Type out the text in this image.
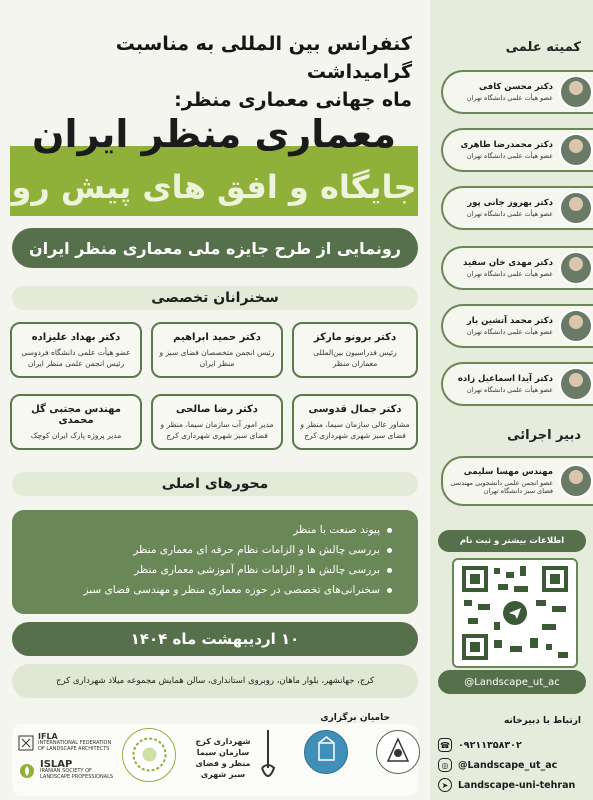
کنفرانس بین المللی به مناسبت گرامیداشت
ماه جهانی معماری منظر:
معماری منظر ایران
جایگاه و افق های پیش رو
رونمایی از طرح جایزه ملی معماری منظر ایران
سخنرانان تخصصی
دکتر برونو مارکز
رئیس فدراسیون بین‌المللی معماران منظر
دکتر حمید ابراهیم
رئیس انجمن متخصصان فضای سبز و منظر ایران
دکتر بهداد علیزاده
عضو هیأت علمی دانشگاه فردوسی رئیس انجمن علمی منظر ایران
دکتر جمال قدوسی
مشاور عالی سازمان سیما، منظر و فضای سبز شهری شهرداری کرج
دکتر رضا صالحی
مدیر امور آب سازمان سیما، منظر و فضای سبز شهری شهرداری کرج
مهندس مجتبی گل محمدی
مدیر پروژه پارک ایران کوچک
محورهای اصلی
پیوند صنعت با منظر
بررسی چالش ها و الزامات نظام حرفه ای معماری منظر
بررسی چالش ها و الزامات نظام آموزشی معماری منظر
سخنرانی‌های تخصصی در حوزه معماری منظر و مهندسی فضای سبز
۱۰ اردیبهشت ماه ۱۴۰۴
کرج، جهانشهر، بلوار ماهان، روبروی استانداری، سالن همایش مجموعه میلاد شهرداری کرج
حامیان برگزاری
شهرداری کرج
سازمان سیما
منظر و فضای
سبز شهری
IFLA
INTERNATIONAL FEDERATION
OF LANDSCAPE ARCHITECTS
ISLAP
IRANIAN SOCIETY OF
LANDSCAPE PROFESSIONALS
کمیته علمی
دکتر محسن کافی
عضو هیأت علمی دانشگاه تهران
دکتر محمدرضا طاهری
عضو هیأت علمی دانشگاه تهران
دکتر بهروز جانی پور
عضو هیأت علمی دانشگاه تهران
دکتر مهدی خان سفید
عضو هیأت علمی دانشگاه تهران
دکتر محمد آتشین بار
عضو هیأت علمی دانشگاه تهران
دکتر آیدا اسماعیل زاده
عضو هیأت علمی دانشگاه تهران
دبیر اجرائی
مهندس مهسا سلیمی
عضو انجمن علمی دانشجویی مهندسی فضای سبز دانشگاه تهران
اطلاعات بیشتر و ثبت نام
@Landscape_ut_ac
ارتباط با دبیرخانه
☎ ۰۹۲۱۱۳۵۸۳۰۲
◎	@Landscape_ut_ac
➤	Landscape-uni-tehran
